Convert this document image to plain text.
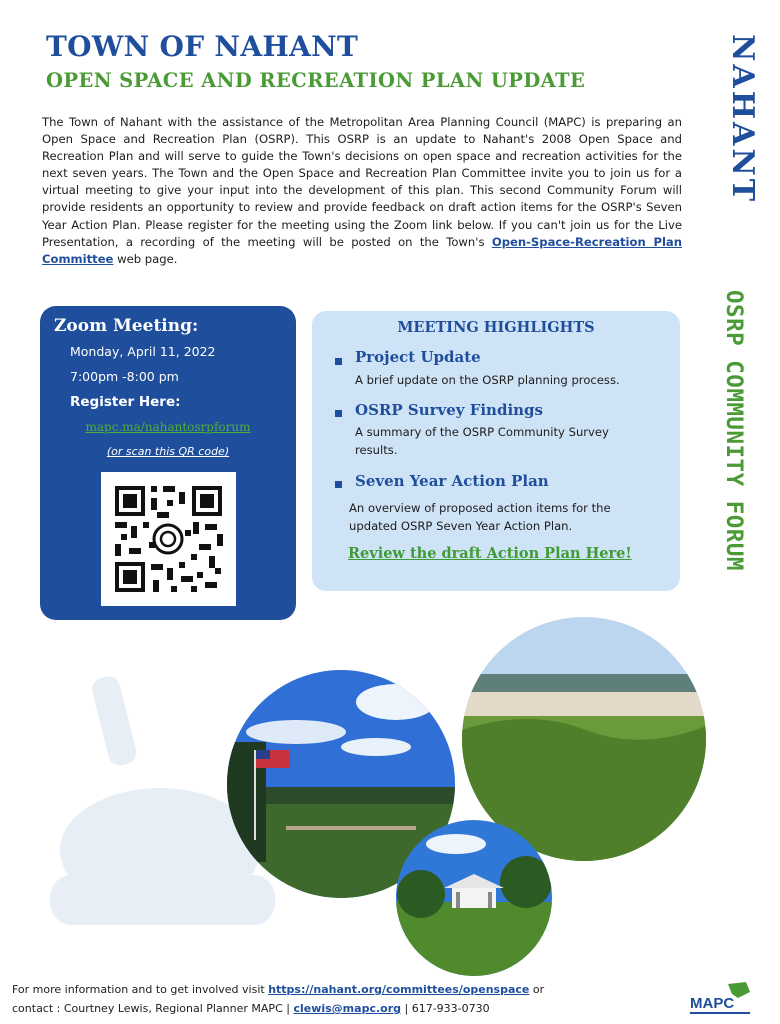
TOWN OF NAHANT
OPEN SPACE AND RECREATION PLAN UPDATE
The Town of Nahant with the assistance of the Metropolitan Area Planning Council (MAPC) is preparing an Open Space and Recreation Plan (OSRP). This OSRP is an update to Nahant's 2008 Open Space and Recreation Plan and will serve to guide the Town's decisions on open space and recreation activities for the next seven years. The Town and the Open Space and Recreation Plan Committee invite you to join us for a virtual meeting to give your input into the development of this plan. This second Community Forum will provide residents an opportunity to review and provide feedback on draft action items for the OSRP's Seven Year Action Plan. Please register for the meeting using the Zoom link below. If you can't join us for the Live Presentation, a recording of the meeting will be posted on the Town's Open-Space-Recreation Plan Committee web page.
NAHANT
OSRP COMMUNITY FORUM
Zoom Meeting:
Monday, April 11, 2022
7:00pm -8:00 pm
Register Here:
mapc.ma/nahantosrpforum
(or scan this QR code)
MEETING HIGHLIGHTS
Project Update
A brief update on the OSRP planning process.
OSRP Survey Findings
A summary of the OSRP Community Survey results.
Seven Year Action Plan
An overview of proposed action items for the updated OSRP Seven Year Action Plan.
Review the draft Action Plan Here!
For more information and to get involved visit https://nahant.org/committees/openspace or
contact : Courtney Lewis, Regional Planner MAPC | clewis@mapc.org | 617-933-0730	MAPC
